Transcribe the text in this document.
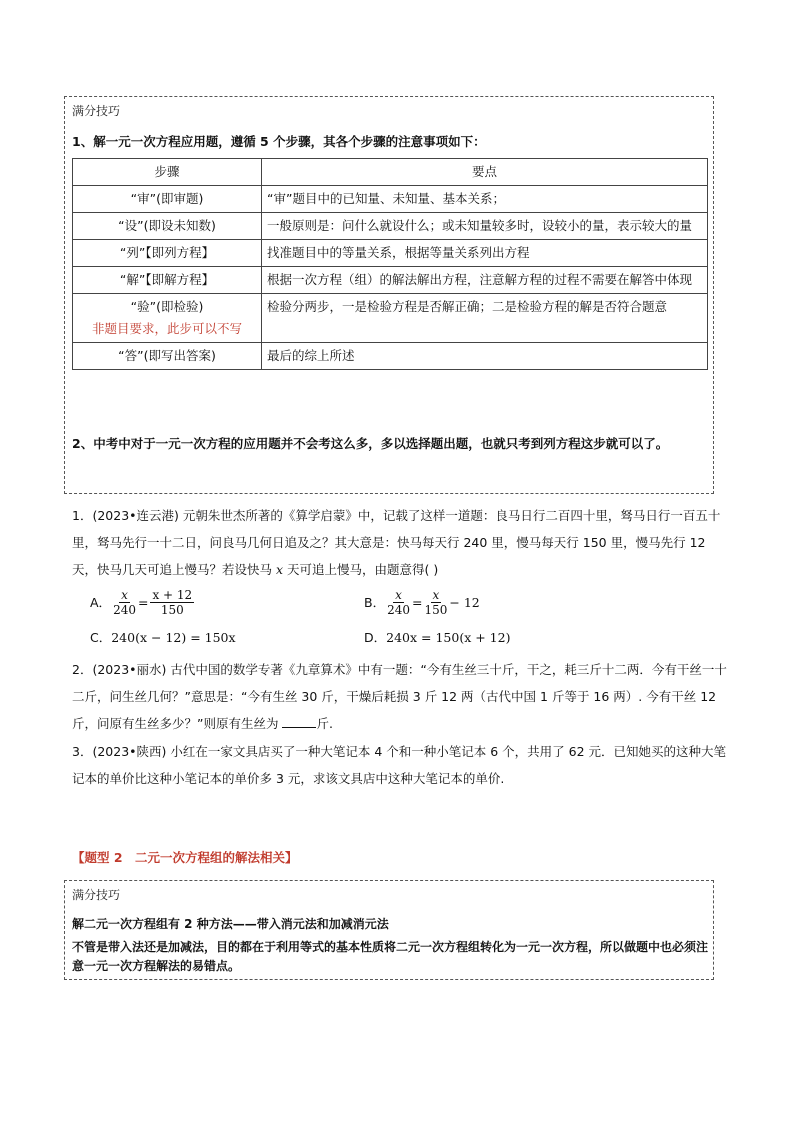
满分技巧
1、解一元一次方程应用题，遵循 5 个步骤，其各个步骤的注意事项如下：
步骤	要点
“审”(即审题)	“审”题目中的已知量、未知量、基本关系；
“设”(即设未知数)	一般原则是：问什么就设什么；或未知量较多时，设较小的量，表示较大的量
“列”【即列方程】	找准题目中的等量关系，根据等量关系列出方程
“解”【即解方程】	根据一次方程（组）的解法解出方程，注意解方程的过程不需要在解答中体现

“验”(即检验)
非题目要求，此步可以不写	检验分两步，一是检验方程是否解正确；二是检验方程的解是否符合题意
“答”(即写出答案)	最后的综上所述
2、中考中对于一元一次方程的应用题并不会考这么多，多以选择题出题，也就只考到列方程这步就可以了。
1．(2023•连云港) 元朝朱世杰所著的《算学启蒙》中，记载了这样一道题：良马日行二百四十里，驽马日行一百五十里，驽马先行一十二日，问良马几何日追及之？其大意是：快马每天行 240 里，慢马每天行 150 里，慢马先行 12 天，快马几天可追上慢马？若设快马 x 天可追上慢马，由题意得( )
A． $\frac{x}{240} = \frac{x + 12}{150}$	B． $\frac{x}{240} = \frac{x}{150} - 12$
C． 240(x − 12) = 150x	D． 240x = 150(x + 12)
2．(2023•丽水) 古代中国的数学专著《九章算术》中有一题：“今有生丝三十斤，干之，耗三斤十二两．今有干丝一十二斤，问生丝几何？”意思是：“今有生丝 30 斤，干燥后耗损 3 斤 12 两（古代中国 1 斤等于 16 两）. 今有干丝 12 斤，问原有生丝多少？”则原有生丝为	斤.
3．(2023•陕西) 小红在一家文具店买了一种大笔记本 4 个和一种小笔记本 6 个，共用了 62 元．已知她买的这种大笔记本的单价比这种小笔记本的单价多 3 元，求该文具店中这种大笔记本的单价.
【题型 2　二元一次方程组的解法相关】
满分技巧
解二元一次方程组有 2 种方法——带入消元法和加减消元法
不管是带入法还是加减法，目的都在于利用等式的基本性质将二元一次方程组转化为一元一次方程，所以做题中也必须注意一元一次方程解法的易错点。
